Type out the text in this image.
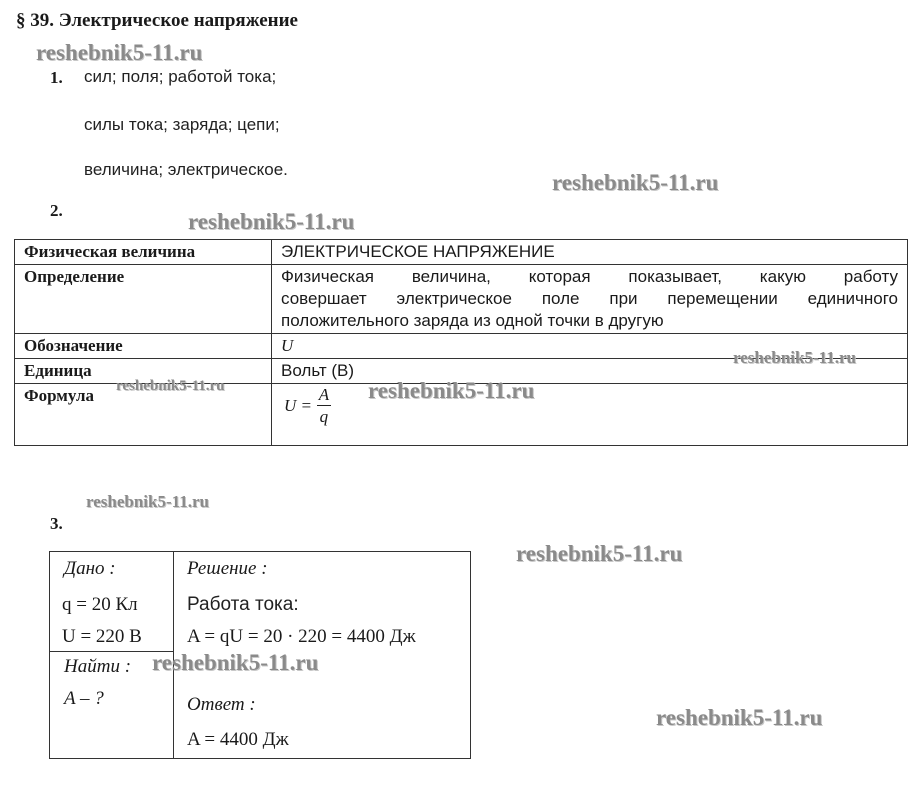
§ 39. Электрическое напряжение
1. сил; поля; работой тока;
силы тока; заряда; цепи;
величина; электрическое.
2.
Физическая величина	ЭЛЕКТРИЧЕСКОЕ НАПРЯЖЕНИЕ
Определение	Физическая величина, которая показывает, какую работу
совершает электрическое поле при перемещении единичного
положительного заряда из одной точки в другую

Обозначение	U
Единица	Вольт (В)
Формула	$U = \frac{A}{q}$
3.
Дано :
q = 20 Кл
U = 220 В
Найти :
A – ?
Решение :
Работа тока:
A = qU = 20 · 220 = 4400 Дж
Ответ :
A = 4400 Дж
reshebnik5-11.ru
reshebnik5-11.ru
reshebnik5-11.ru
reshebnik5-11.ru
reshebnik5-11.ru	reshebnik5-11.ru
reshebnik5-11.ru
reshebnik5-11.ru
reshebnik5-11.ru
reshebnik5-11.ru
